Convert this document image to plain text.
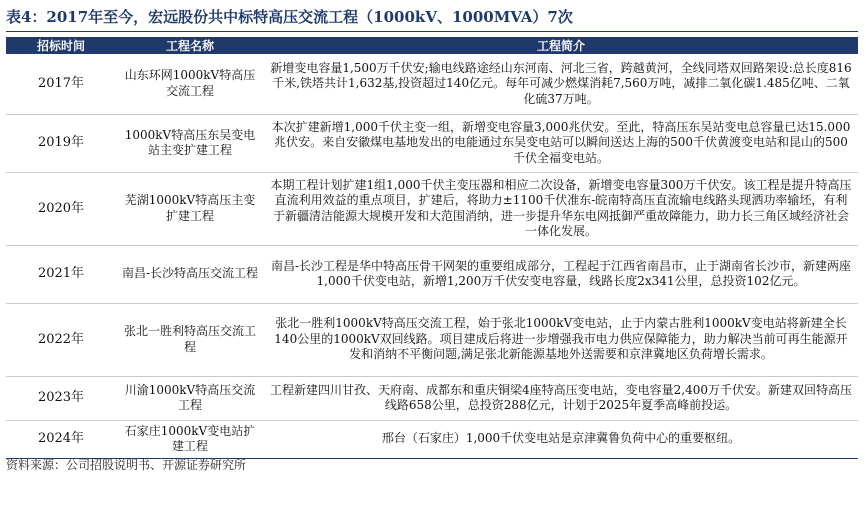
表4：2017年至今，宏远股份共中标特高压交流工程（1000kV、1000MVA）7次
招标时间	工程名称	工程简介
2017年	山东环网1000kV特高压交流工程	新增变电容量1,500万千伏安;输电线路途经山东河南、河北三省，跨越黄河，全线同塔双回路架设:总长度816千米,铁塔共计1,632基,投资超过140亿元。每年可减少燃煤消耗7,560万吨，减排二氧化碳1.485亿吨、二氧化硫37万吨。
2019年	1000kV特高压东吴变电站主变扩建工程	本次扩建新增1,000千伏主变一组，新增变电容量3,000兆伏安。至此，特高压东吴站变电总容量已达15.000兆伏安。来自安徽煤电基地发出的电能通过东吴变电站可以瞬间送达上海的500千伏黄渡变电站和昆山的500千伏全福变电站。
2020年	芜湖1000kV特高压主变扩建工程	本期工程计划扩建1组1,000千伏主变压器和相应二次设备，新增变电容量300万千伏安。该工程是提升特高压直流利用效益的重点项目，扩建后，将助力±1100千伏准东-皖南特高压直流输电线路头现洒功率输坯，有利于新疆清洁能源大规模开发和大范围消纳，进一步提升华东电网抵御严重故障能力，助力长三角区域经济社会一体化发展。
2021年	南昌-长沙特高压交流工程	南昌-长沙工程是华中特高压骨干网架的重要组成部分，工程起于江西省南昌市，止于湖南省长沙市，新建两座1,000千伏变电站，新增1,200万千伏安变电容量，线路长度2x341公里，总投资102亿元。
2022年	张北一胜利特高压交流工程	张北一胜利1000kV特高压交流工程，始于张北1000kV变电站，止于内蒙古胜利1000kV变电站将新建全长140公里的1000kV双回线路。项目建成后将进一步增强我市电力供应保障能力，助力解决当前可再生能源开发和消纳不平衡问题,满足张北新能源基地外送需要和京津冀地区负荷增长需求。
2023年	川渝1000kV特高压交流工程	工程新建四川甘孜、天府南、成都东和重庆铜梁4座特高压变电站，变电容量2,400万千伏安。新建双回特高压线路658公里，总投资288亿元，计划于2025年夏季高峰前投运。
2024年	石家庄1000kV变电站扩建工程	邢台（石家庄）1,000千伏变电站是京津冀鲁负荷中心的重要枢纽。
资料来源：公司招股说明书、开源证券研究所
